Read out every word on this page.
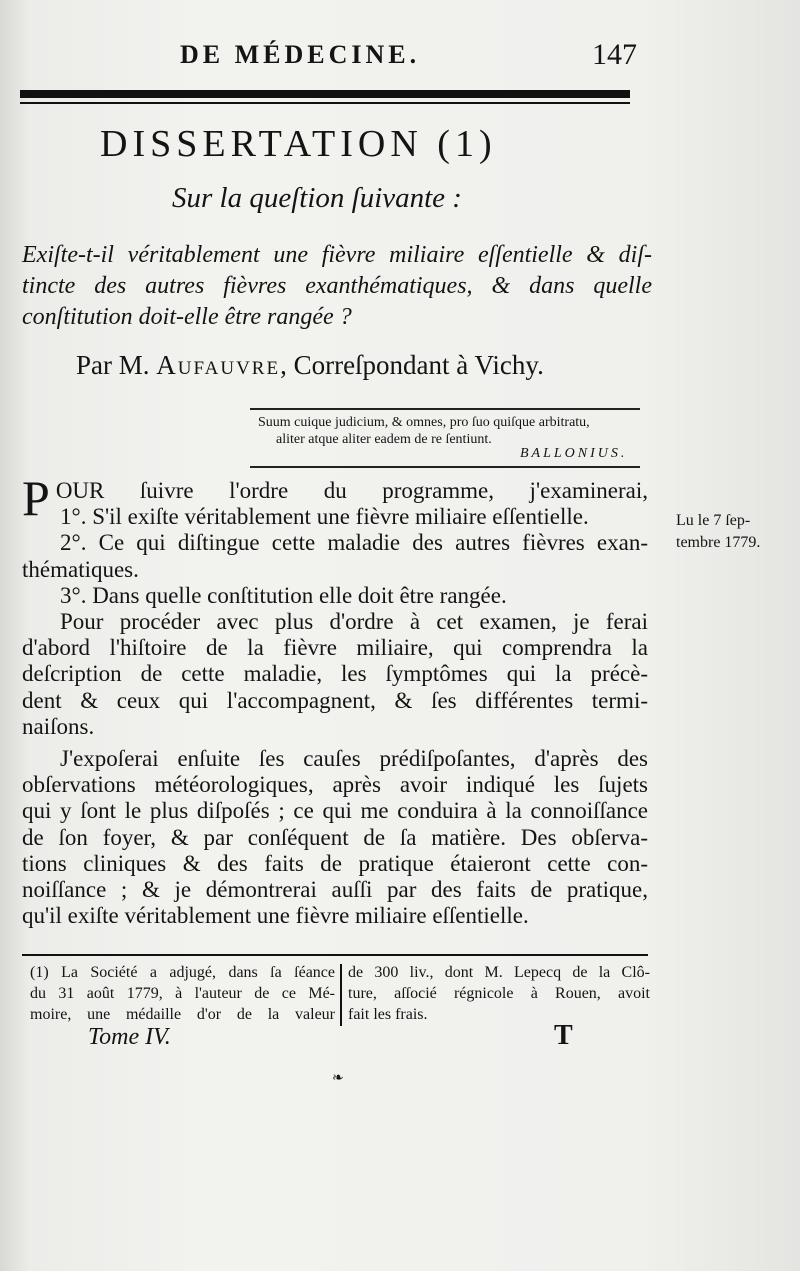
DE MÉDECINE.	147
DISSERTATION (1)
Sur la queſtion ſuivante :
Exiſte-t-il véritablement une fièvre miliaire eſſentielle & diſ-
tincte des autres fièvres exanthématiques, & dans quelle
conſtitution doit-elle être rangée ?
Par M. Aufauvre, Correſpondant à Vichy.
Suum cuique judicium, & omnes, pro ſuo quiſque arbitratu,
aliter atque aliter eadem de re ſentiunt.
BALLONIUS.
Lu le 7 ſep-
tembre 1779.

P OUR ſuivre l'ordre du programme, j'examinerai,
1°. S'il exiſte véritablement une fièvre miliaire eſſentielle.

2°. Ce qui diſtingue cette maladie des autres fièvres exan-
thématiques.

3°. Dans quelle conſtitution elle doit être rangée.

Pour procéder avec plus d'ordre à cet examen, je ferai
d'abord l'hiſtoire de la fièvre miliaire, qui comprendra la
deſcription de cette maladie, les ſymptômes qui la précè-
dent & ceux qui l'accompagnent, & ſes différentes termi-
naiſons.

J'expoſerai enſuite ſes cauſes prédiſpoſantes, d'après des
obſervations météorologiques, après avoir indiqué les ſujets
qui y ſont le plus diſpoſés ; ce qui me conduira à la connoiſſance
de ſon foyer, & par conſéquent de ſa matière. Des obſerva-
tions cliniques & des faits de pratique étaieront cette con-
noiſſance ; & je démontrerai auſſi par des faits de pratique,
qu'il exiſte véritablement une fièvre miliaire eſſentielle.

(1) La Société a adjugé, dans ſa ſéance
du 31 août 1779, à l'auteur de ce Mé-
moire, une médaille d'or de la valeur
de 300 liv., dont M. Lepecq de la Clô-
ture, aſſocié régnicole à Rouen, avoit
fait les frais.
Tome IV.	T
❧
